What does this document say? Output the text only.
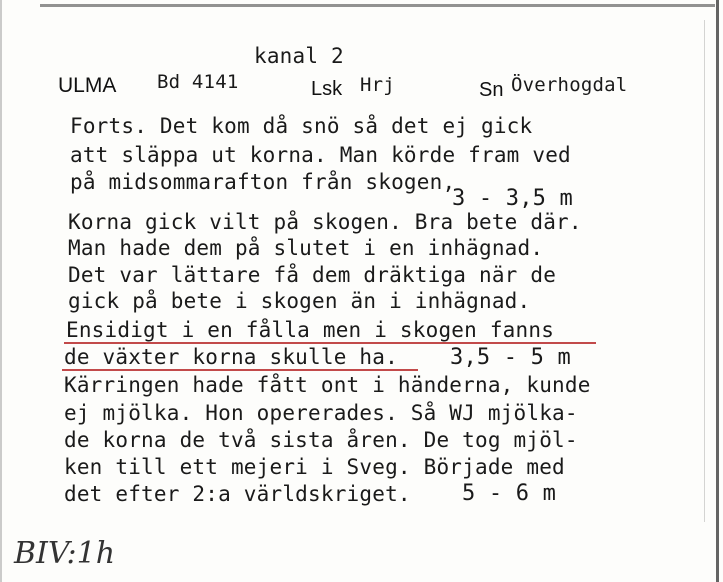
kanal 2
ULMA Bd 4141	Lsk Hrj	Sn Överhogdal
Forts. Det kom då snö så det ej gick
att släppa ut korna. Man körde fram ved
på midsommarafton från skogen,
3 - 3,5 m
Korna gick vilt på skogen. Bra bete där.
Man hade dem på slutet i en inhägnad.
Det var lättare få dem dräktiga när de
gick på bete i skogen än i inhägnad.
Ensidigt i en fålla men i skogen fanns
de växter korna skulle ha. 3,5 - 5 m
Kärringen hade fått ont i händerna, kunde
ej mjölka. Hon opererades. Så WJ mjölka-
de korna de två sista åren. De tog mjöl-
ken till ett mejeri i Sveg. Började med
det efter 2:a världskriget. 5 - 6 m
BIV:1h
